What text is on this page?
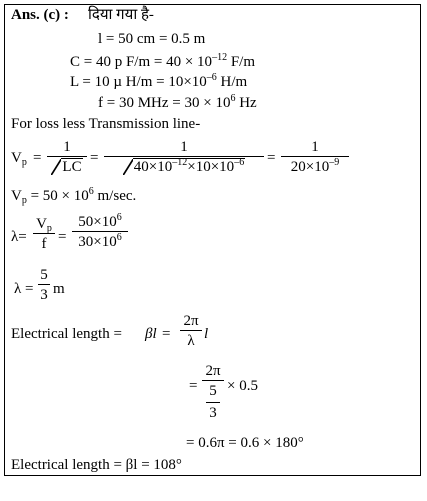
Ans. (c) : दिया गया है-
l = 50 cm = 0.5 m
C = 40 p $F/m = 40 \times 10^{-12}$ F/m
L = 10 µ $H/m = 10\times 10^{-6}$ H/m
f = 30 MHz = $30 \times 10^6$ Hz
For loss less Transmission line-
$V_p$ =
1
LC
=
1
$40\times 10^{-12}\times 10\times 10^{-6}$	=
1
$20\times 10^{-9}$
$V_p = 50 \times 10^6$ m/sec.
λ=
$V_p$
f =
$50\times 10^6$
$30\times 10^6$
λ =
5
3 m
Electrical length = βl =
2π
λ l
=
2π
5
3
× 0.5
= 0.6π = 0.6 × 180°
Electrical length = βl = 108°
